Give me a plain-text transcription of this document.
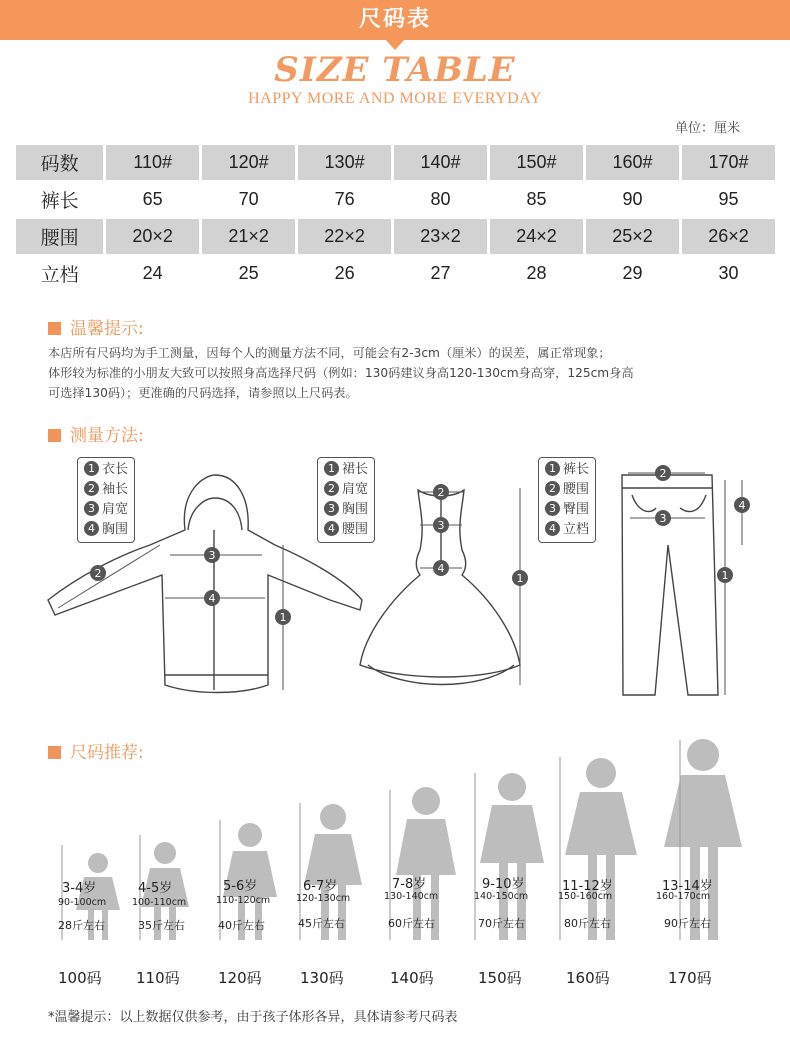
尺码表
SIZE TABLE
HAPPY MORE AND MORE EVERYDAY
单位：厘米
码数	110#	120#	130#	140#	150#	160#	170#
裤长	65	70	76	80	85	90	95
腰围	20×2	21×2	22×2	23×2	24×2	25×2	26×2
立档	24	25	26	27	28	29	30
温馨提示:
本店所有尺码均为手工测量，因每个人的测量方法不同，可能会有2-3cm（厘米）的误差，属正常现象；
体形较为标准的小朋友大致可以按照身高选择尺码（例如：130码建议身高120-130cm身高穿，125cm身高
可选择130码）；更准确的尺码选择，请参照以上尺码表。
测量方法:
2
3
4
1
2
3
4
1
2
3
1
4
1 衣长
2 袖长
3 肩宽
4 胸围
1 裙长
2 肩宽
3 胸围
4 腰围
1 裤长
2 腰围
3 臀围
4 立档
尺码推荐:
3-4岁
90-100cm
28斤左右
100码
4-5岁
100-110cm
35斤左右
110码
5-6岁
110-120cm
40斤左右
120码
6-7岁
120-130cm
45斤左右
130码
7-8岁
130-140cm
60斤左右
140码
9-10岁
140-150cm
70斤左右
150码
11-12岁
150-160cm
80斤左右
160码
13-14岁
160-170cm
90斤左右
170码
*温馨提示：以上数据仅供参考，由于孩子体形各异，具体请参考尺码表
